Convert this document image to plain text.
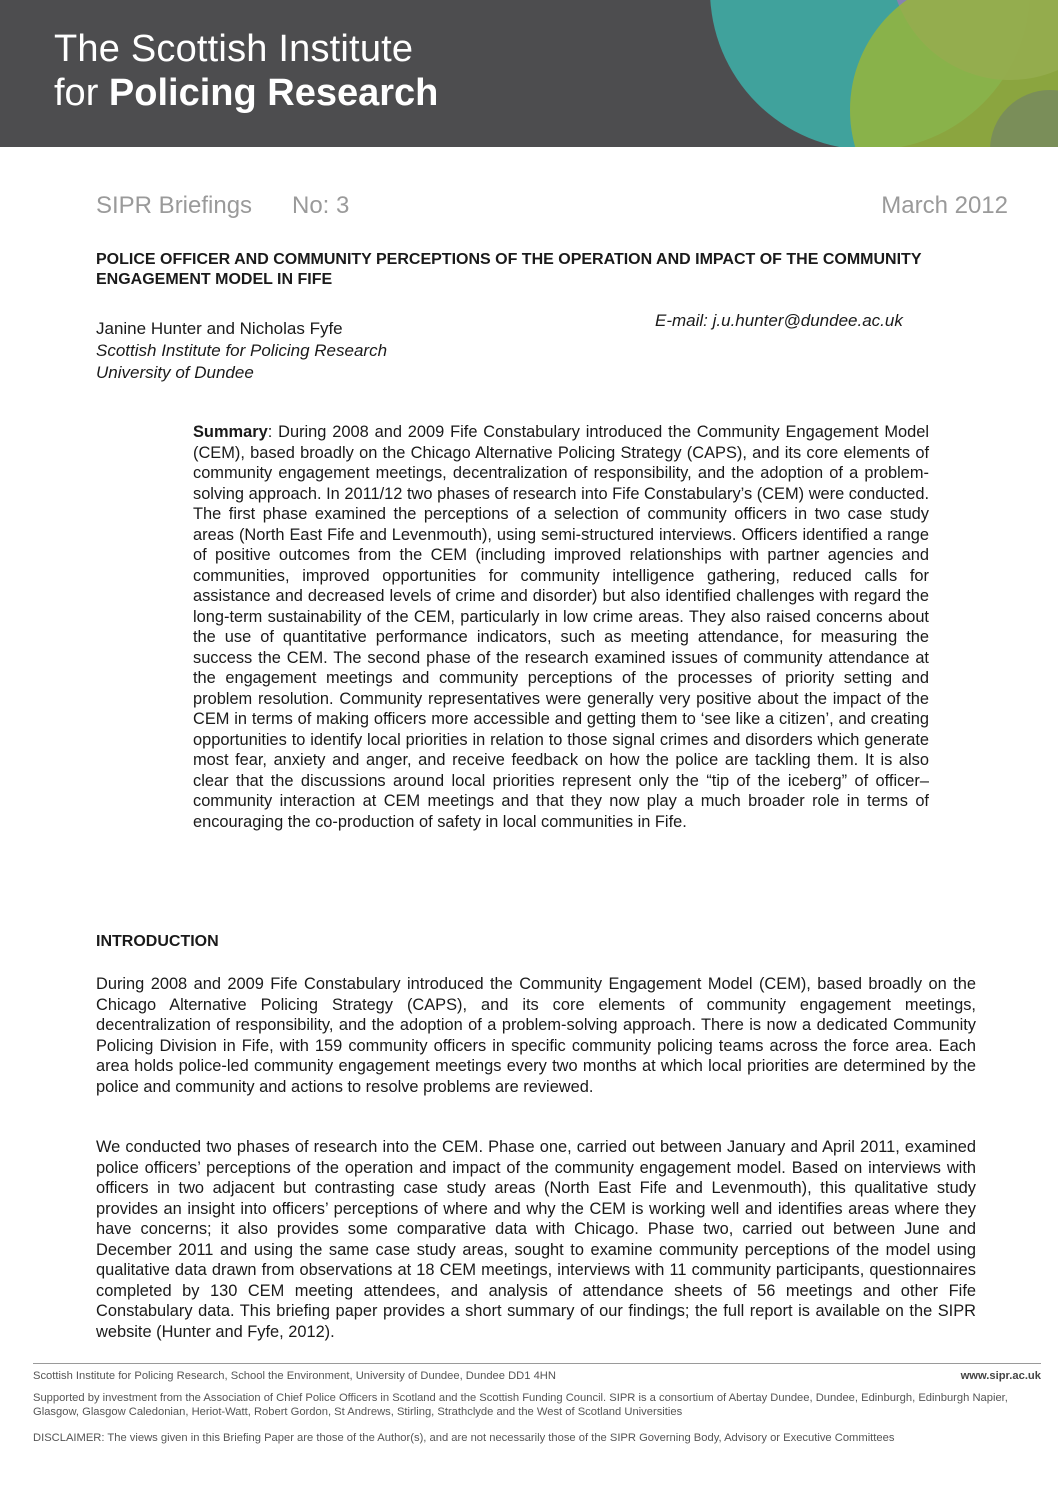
The Scottish Institute
for Policing Research
SIPR Briefings No: 3	March 2012
POLICE OFFICER AND COMMUNITY PERCEPTIONS OF THE OPERATION AND IMPACT OF THE COMMUNITY ENGAGEMENT MODEL IN FIFE
Janine Hunter and Nicholas Fyfe
Scottish Institute for Policing Research
University of Dundee
E-mail: j.u.hunter@dundee.ac.uk
Summary: During 2008 and 2009 Fife Constabulary introduced the Community Engagement Model (CEM), based broadly on the Chicago Alternative Policing Strategy (CAPS), and its core elements of community engagement meetings, decentralization of responsibility, and the adoption of a problem-solving approach. In 2011/12 two phases of research into Fife Constabulary’s (CEM) were conducted. The first phase examined the perceptions of a selection of community officers in two case study areas (North East Fife and Levenmouth), using semi-structured interviews. Officers identified a range of positive outcomes from the CEM (including improved relationships with partner agencies and communities, improved opportunities for community intelligence gathering, reduced calls for assistance and decreased levels of crime and disorder) but also identified challenges with regard the long-term sustainability of the CEM, particularly in low crime areas. They also raised concerns about the use of quantitative performance indicators, such as meeting attendance, for measuring the success the CEM. The second phase of the research examined issues of community attendance at the engagement meetings and community perceptions of the processes of priority setting and problem resolution. Community representatives were generally very positive about the impact of the CEM in terms of making officers more accessible and getting them to ‘see like a citizen’, and creating opportunities to identify local priorities in relation to those signal crimes and disorders which generate most fear, anxiety and anger, and receive feedback on how the police are tackling them. It is also clear that the discussions around local priorities represent only the “tip of the iceberg” of officer–community interaction at CEM meetings and that they now play a much broader role in terms of encouraging the co-production of safety in local communities in Fife.
INTRODUCTION
During 2008 and 2009 Fife Constabulary introduced the Community Engagement Model (CEM), based broadly on the Chicago Alternative Policing Strategy (CAPS), and its core elements of community engagement meetings, decentralization of responsibility, and the adoption of a problem-solving approach. There is now a dedicated Community Policing Division in Fife, with 159 community officers in specific community policing teams across the force area. Each area holds police-led community engagement meetings every two months at which local priorities are determined by the police and community and actions to resolve problems are reviewed.
We conducted two phases of research into the CEM. Phase one, carried out between January and April 2011, examined police officers’ perceptions of the operation and impact of the community engagement model. Based on interviews with officers in two adjacent but contrasting case study areas (North East Fife and Levenmouth), this qualitative study provides an insight into officers’ perceptions of where and why the CEM is working well and identifies areas where they have concerns; it also provides some comparative data with Chicago. Phase two, carried out between June and December 2011 and using the same case study areas, sought to examine community perceptions of the model using qualitative data drawn from observations at 18 CEM meetings, interviews with 11 community participants, questionnaires completed by 130 CEM meeting attendees, and analysis of attendance sheets of 56 meetings and other Fife Constabulary data. This briefing paper provides a short summary of our findings; the full report is available on the SIPR website (Hunter and Fyfe, 2012).
Scottish Institute for Policing Research, School the Environment, University of Dundee, Dundee DD1 4HN	www.sipr.ac.uk
Supported by investment from the Association of Chief Police Officers in Scotland and the Scottish Funding Council. SIPR is a consortium of Abertay Dundee, Dundee, Edinburgh, Edinburgh Napier, Glasgow, Glasgow Caledonian, Heriot-Watt, Robert Gordon, St Andrews, Stirling, Strathclyde and the West of Scotland Universities
DISCLAIMER: The views given in this Briefing Paper are those of the Author(s), and are not necessarily those of the SIPR Governing Body, Advisory or Executive Committees
